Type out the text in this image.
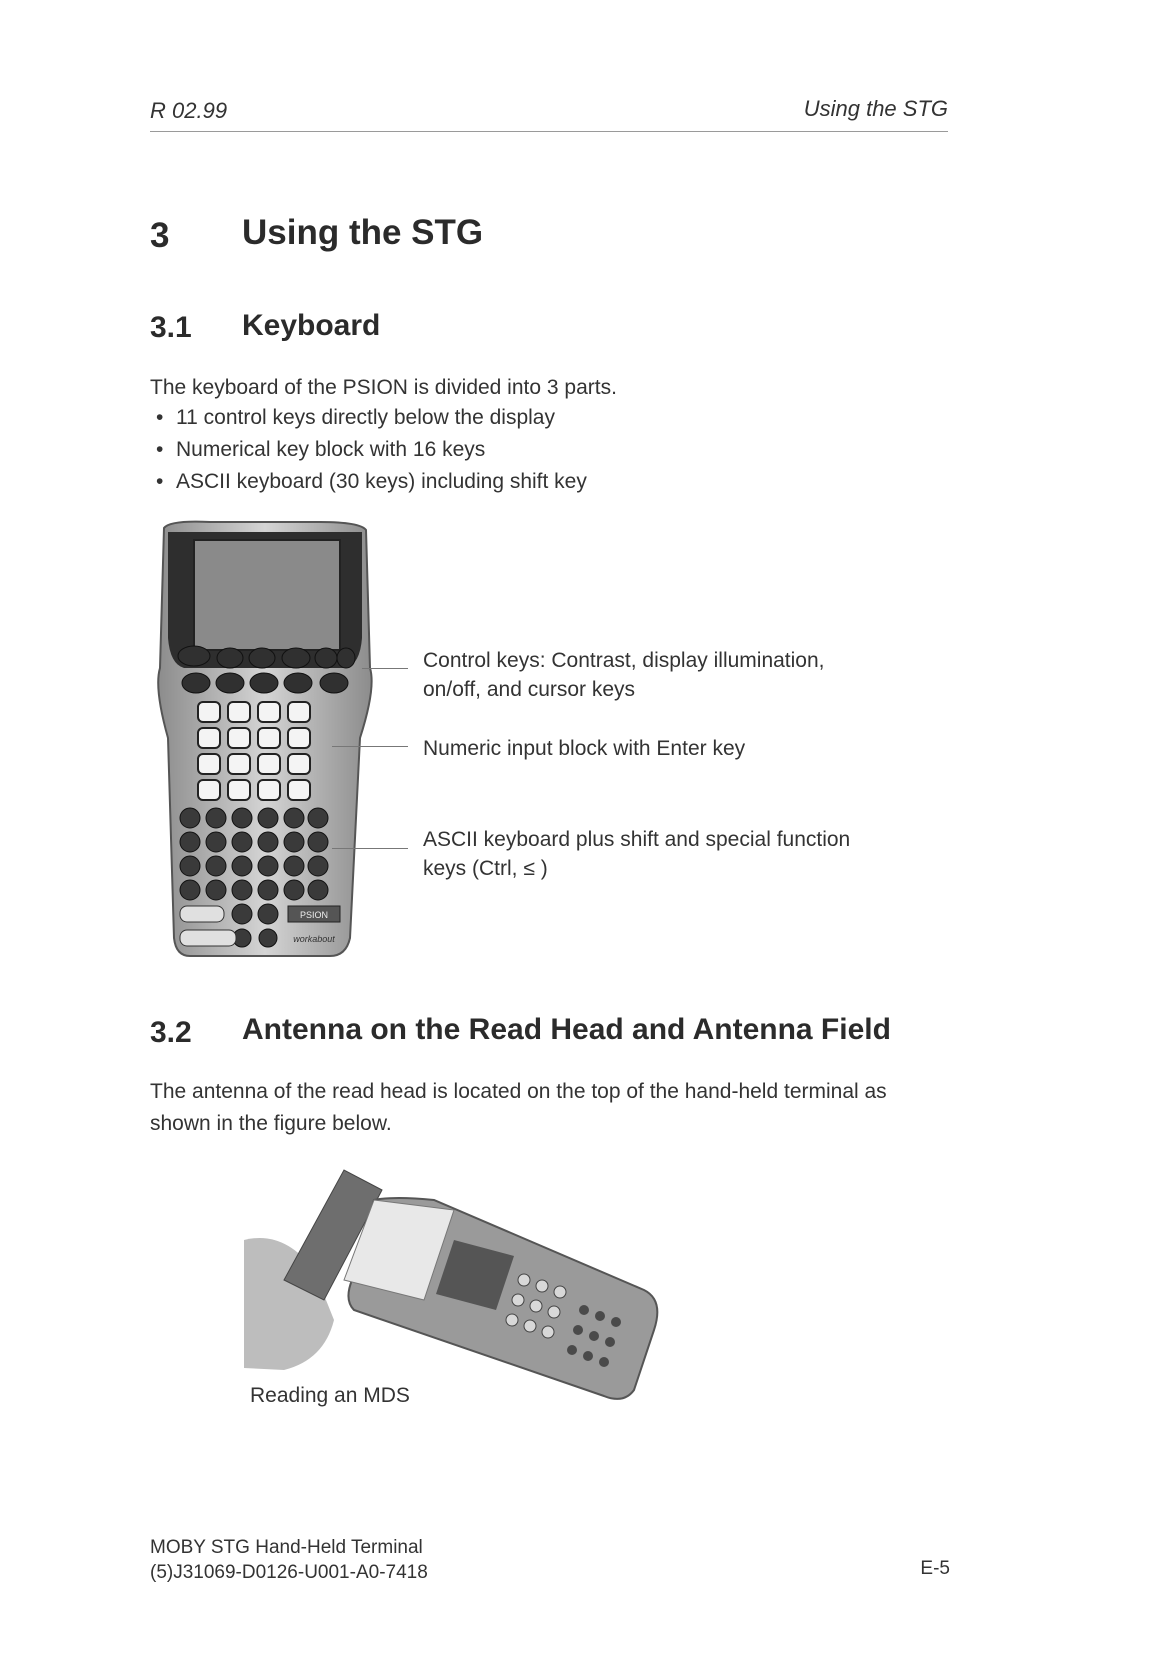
R 02.99	Using the STG
3 Using the STG
3.1 Keyboard
The keyboard of the PSION is divided into 3 parts.
• 11 control keys directly below the display
• Numerical key block with 16 keys
• ASCII keyboard (30 keys) including shift key
PSION
workabout
Control keys: Contrast, display illumination,
on/off, and cursor keys
Numeric input block with Enter key
ASCII keyboard plus shift and special function
keys (Ctrl, ≤ )
3.2 Antenna on the Read Head and Antenna Field
The antenna of the read head is located on the top of the hand-held terminal as
shown in the figure below.
Reading an MDS
MOBY STG Hand-Held Terminal
(5)J31069-D0126-U001-A0-7418	E-5
